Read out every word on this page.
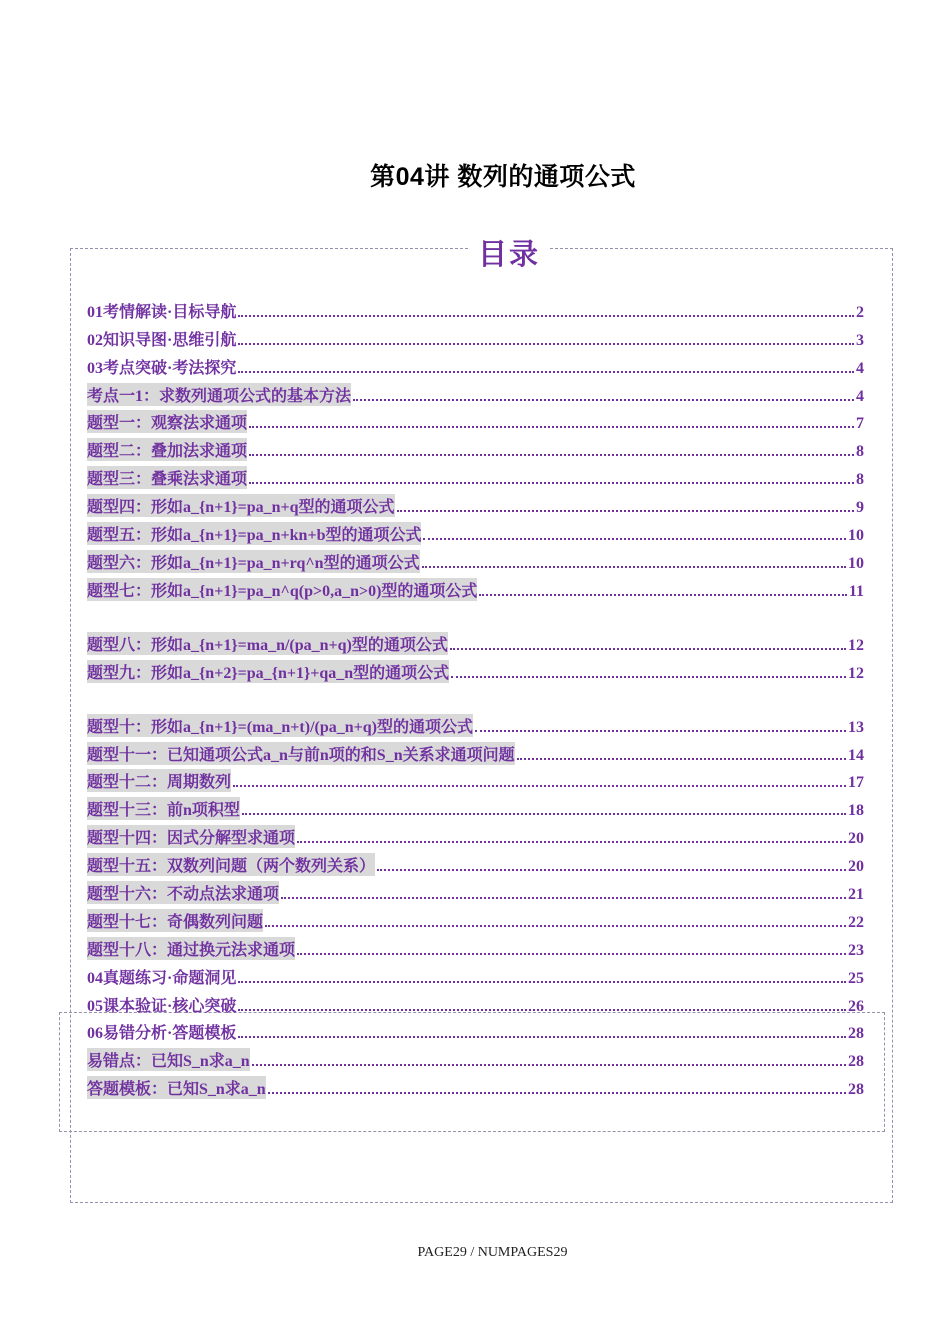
第04讲 数列的通项公式
目录
01考情解读·目标导航	2
02知识导图·思维引航	3
03考点突破·考法探究	4
考点一1：求数列通项公式的基本方法	4
题型一：观察法求通项	7
题型二：叠加法求通项	8
题型三：叠乘法求通项	8
题型四：形如a_{n+1}=pa_n+q型的通项公式	9
题型五：形如a_{n+1}=pa_n+kn+b型的通项公式	10
题型六：形如a_{n+1}=pa_n+rq^n型的通项公式	10
题型七：形如a_{n+1}=pa_n^q(p>0,a_n>0)型的通项公式	11
题型八：形如a_{n+1}=ma_n/(pa_n+q)型的通项公式	12
题型九：形如a_{n+2}=pa_{n+1}+qa_n型的通项公式	12
题型十：形如a_{n+1}=(ma_n+t)/(pa_n+q)型的通项公式	13
题型十一：已知通项公式a_n与前n项的和S_n关系求通项问题	14
题型十二：周期数列	17
题型十三：前n项积型	18
题型十四：因式分解型求通项	20
题型十五：双数列问题（两个数列关系）	20
题型十六：不动点法求通项	21
题型十七：奇偶数列问题	22
题型十八：通过换元法求通项	23
04真题练习·命题洞见	25
05课本验证·核心突破	26
06易错分析·答题模板	28
易错点：已知S_n求a_n	28
答题模板：已知S_n求a_n	28
PAGE29 / NUMPAGES29
